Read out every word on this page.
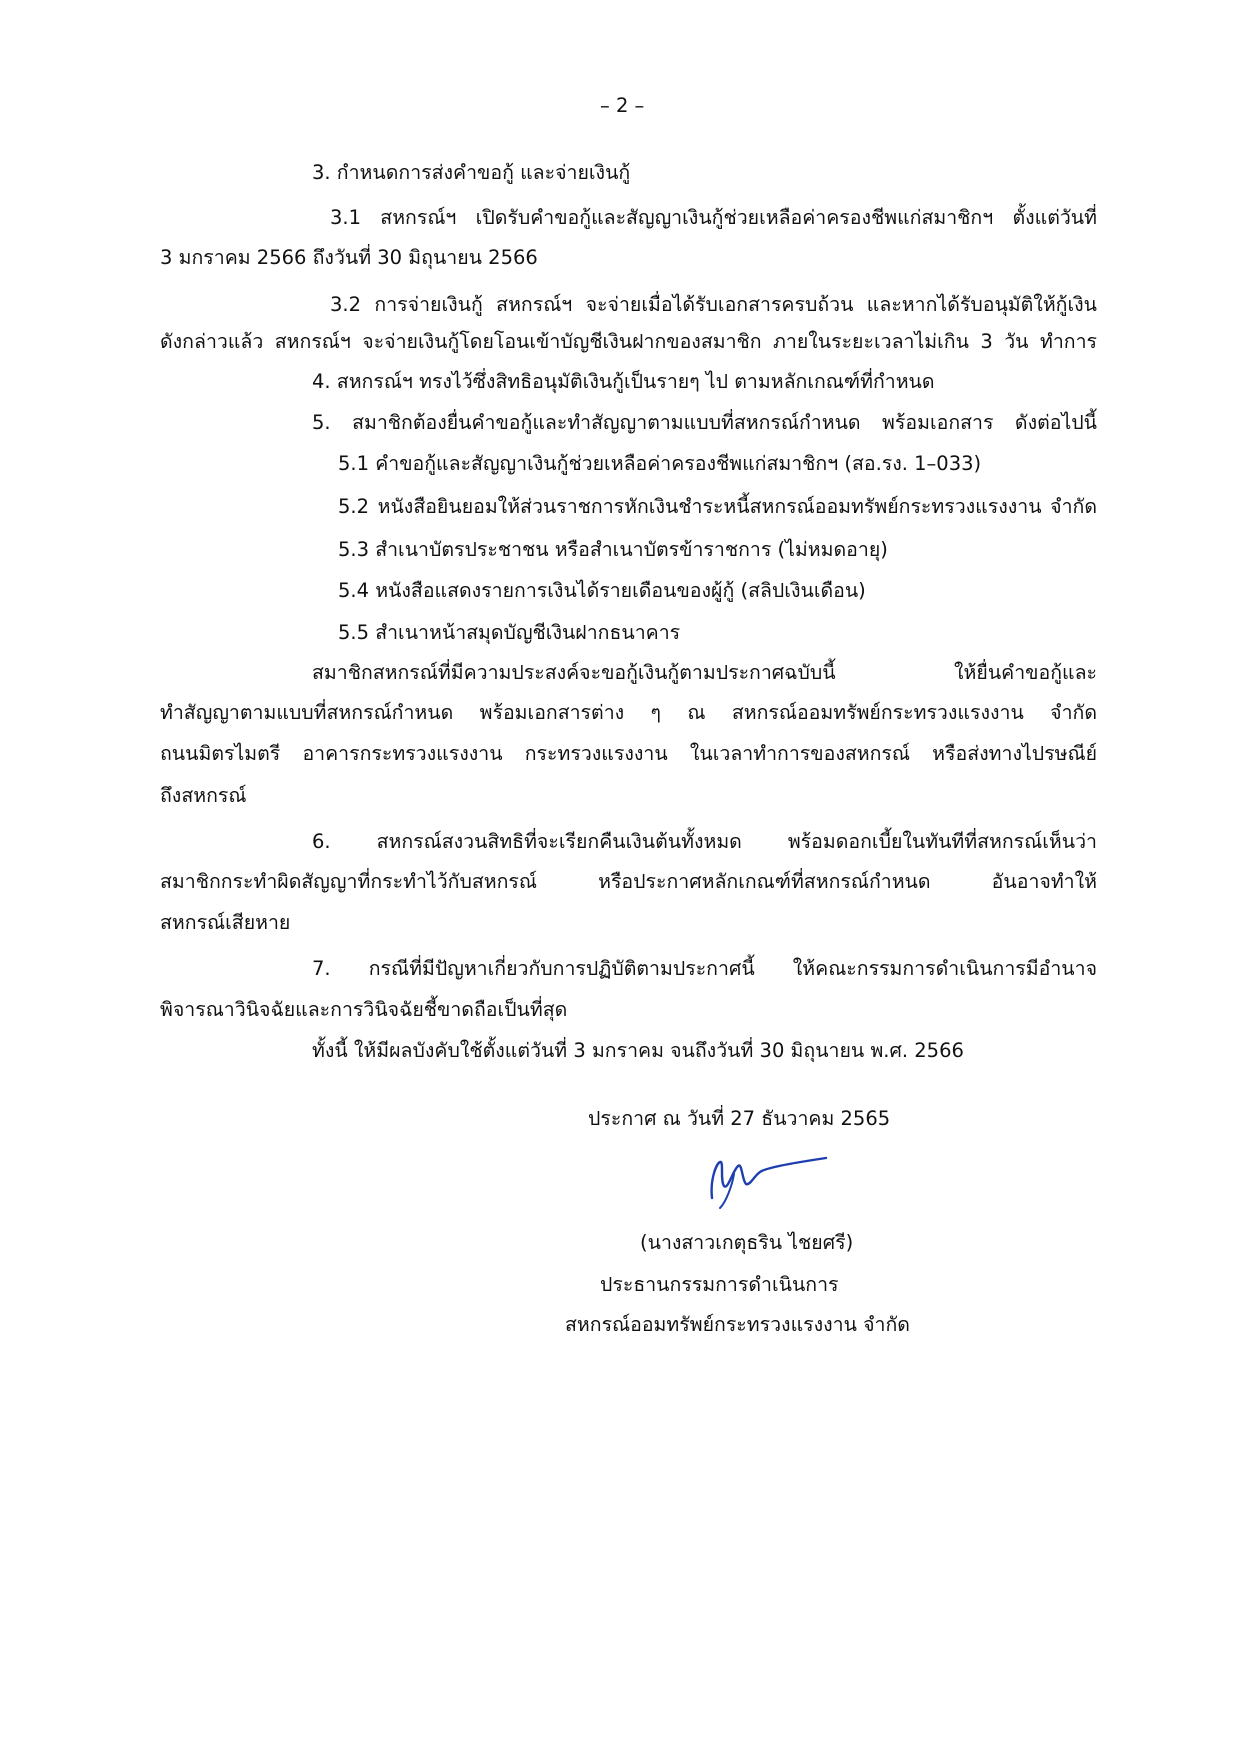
– 2 –
3. กำหนดการส่งคำขอกู้ และจ่ายเงินกู้
3.1 สหกรณ์ฯ เปิดรับคำขอกู้และสัญญาเงินกู้ช่วยเหลือค่าครองชีพแก่สมาชิกฯ ตั้งแต่วันที่
3 มกราคม 2566 ถึงวันที่ 30 มิถุนายน 2566
3.2 การจ่ายเงินกู้ สหกรณ์ฯ จะจ่ายเมื่อได้รับเอกสารครบถ้วน และหากได้รับอนุมัติให้กู้เงิน
ดังกล่าวแล้ว สหกรณ์ฯ จะจ่ายเงินกู้โดยโอนเข้าบัญชีเงินฝากของสมาชิก ภายในระยะเวลาไม่เกิน 3 วัน ทำการ
4. สหกรณ์ฯ ทรงไว้ซึ่งสิทธิอนุมัติเงินกู้เป็นรายๆ ไป ตามหลักเกณฑ์ที่กำหนด
5. สมาชิกต้องยื่นคำขอกู้และทำสัญญาตามแบบที่สหกรณ์กำหนด พร้อมเอกสาร ดังต่อไปนี้
5.1 คำขอกู้และสัญญาเงินกู้ช่วยเหลือค่าครองชีพแก่สมาชิกฯ (สอ.รง. 1–033)
5.2 หนังสือยินยอมให้ส่วนราชการหักเงินชำระหนี้สหกรณ์ออมทรัพย์กระทรวงแรงงาน จำกัด
5.3 สำเนาบัตรประชาชน หรือสำเนาบัตรข้าราชการ (ไม่หมดอายุ)
5.4 หนังสือแสดงรายการเงินได้รายเดือนของผู้กู้ (สลิปเงินเดือน)
5.5 สำเนาหน้าสมุดบัญชีเงินฝากธนาคาร
สมาชิกสหกรณ์ที่มีความประสงค์จะขอกู้เงินกู้ตามประกาศฉบับนี้ ให้ยื่นคำขอกู้และ
ทำสัญญาตามแบบที่สหกรณ์กำหนด พร้อมเอกสารต่าง ๆ ณ สหกรณ์ออมทรัพย์กระทรวงแรงงาน จำกัด
ถนนมิตรไมตรี อาคารกระทรวงแรงงาน กระทรวงแรงงาน ในเวลาทำการของสหกรณ์ หรือส่งทางไปรษณีย์
ถึงสหกรณ์
6. สหกรณ์สงวนสิทธิที่จะเรียกคืนเงินต้นทั้งหมด พร้อมดอกเบี้ยในทันทีที่สหกรณ์เห็นว่า
สมาชิกกระทำผิดสัญญาที่กระทำไว้กับสหกรณ์ หรือประกาศหลักเกณฑ์ที่สหกรณ์กำหนด อันอาจทำให้
สหกรณ์เสียหาย
7. กรณีที่มีปัญหาเกี่ยวกับการปฏิบัติตามประกาศนี้ ให้คณะกรรมการดำเนินการมีอำนาจ
พิจารณาวินิจฉัยและการวินิจฉัยชี้ขาดถือเป็นที่สุด
ทั้งนี้ ให้มีผลบังคับใช้ตั้งแต่วันที่ 3 มกราคม จนถึงวันที่ 30 มิถุนายน พ.ศ. 2566
ประกาศ ณ วันที่ 27 ธันวาคม 2565
(นางสาวเกตุธริน ไชยศรี)
ประธานกรรมการดำเนินการ
สหกรณ์ออมทรัพย์กระทรวงแรงงาน จำกัด
